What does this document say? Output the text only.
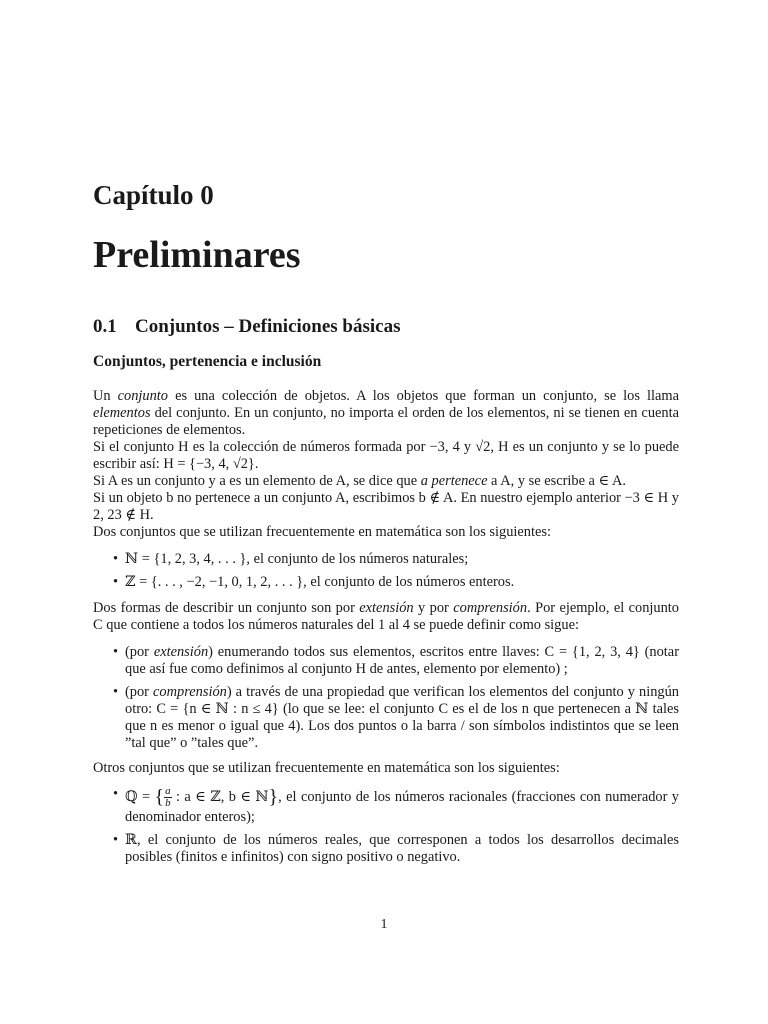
Capítulo 0
Preliminares
0.1 Conjuntos – Definiciones básicas
Conjuntos, pertenencia e inclusión

Un conjunto es una colección de objetos. A los objetos que forman un conjunto, se los llama elementos del conjunto. En un conjunto, no importa el orden de los elementos, ni se tienen en cuenta repeticiones de elementos.

Si el conjunto H es la colección de números formada por −3, 4 y √2, H es un conjunto y se lo puede escribir así: H = {−3, 4, √2}.

Si A es un conjunto y a es un elemento de A, se dice que a pertenece a A, y se escribe a ∈ A.

Si un objeto b no pertenece a un conjunto A, escribimos b ∉ A. En nuestro ejemplo anterior −3 ∈ H y 2, 23 ∉ H.

Dos conjuntos que se utilizan frecuentemente en matemática son los siguientes:

• ℕ = {1, 2, 3, 4, . . . }, el conjunto de los números naturales;
• ℤ = {. . . , −2, −1, 0, 1, 2, . . . }, el conjunto de los números enteros.

Dos formas de describir un conjunto son por extensión y por comprensión. Por ejemplo, el conjunto C que contiene a todos los números naturales del 1 al 4 se puede definir como sigue:

• (por extensión) enumerando todos sus elementos, escritos entre llaves: C = {1, 2, 3, 4} (notar que así fue como definimos al conjunto H de antes, elemento por elemento) ;
• (por comprensión) a través de una propiedad que verifican los elementos del conjunto y ningún otro: C = {n ∈ ℕ : n ≤ 4} (lo que se lee: el conjunto C es el de los n que pertenecen a ℕ tales que n es menor o igual que 4). Los dos puntos o la barra / son símbolos indistintos que se leen ”tal que” o ”tales que”.

Otros conjuntos que se utilizan frecuentemente en matemática son los siguientes:

• ℚ = { $\frac{a}{b}$ : a ∈ ℤ, b ∈ ℕ}, el conjunto de los números racionales (fracciones con numerador y denominador enteros);
• ℝ, el conjunto de los números reales, que corresponen a todos los desarrollos decimales posibles (finitos e infinitos) con signo positivo o negativo.
1
